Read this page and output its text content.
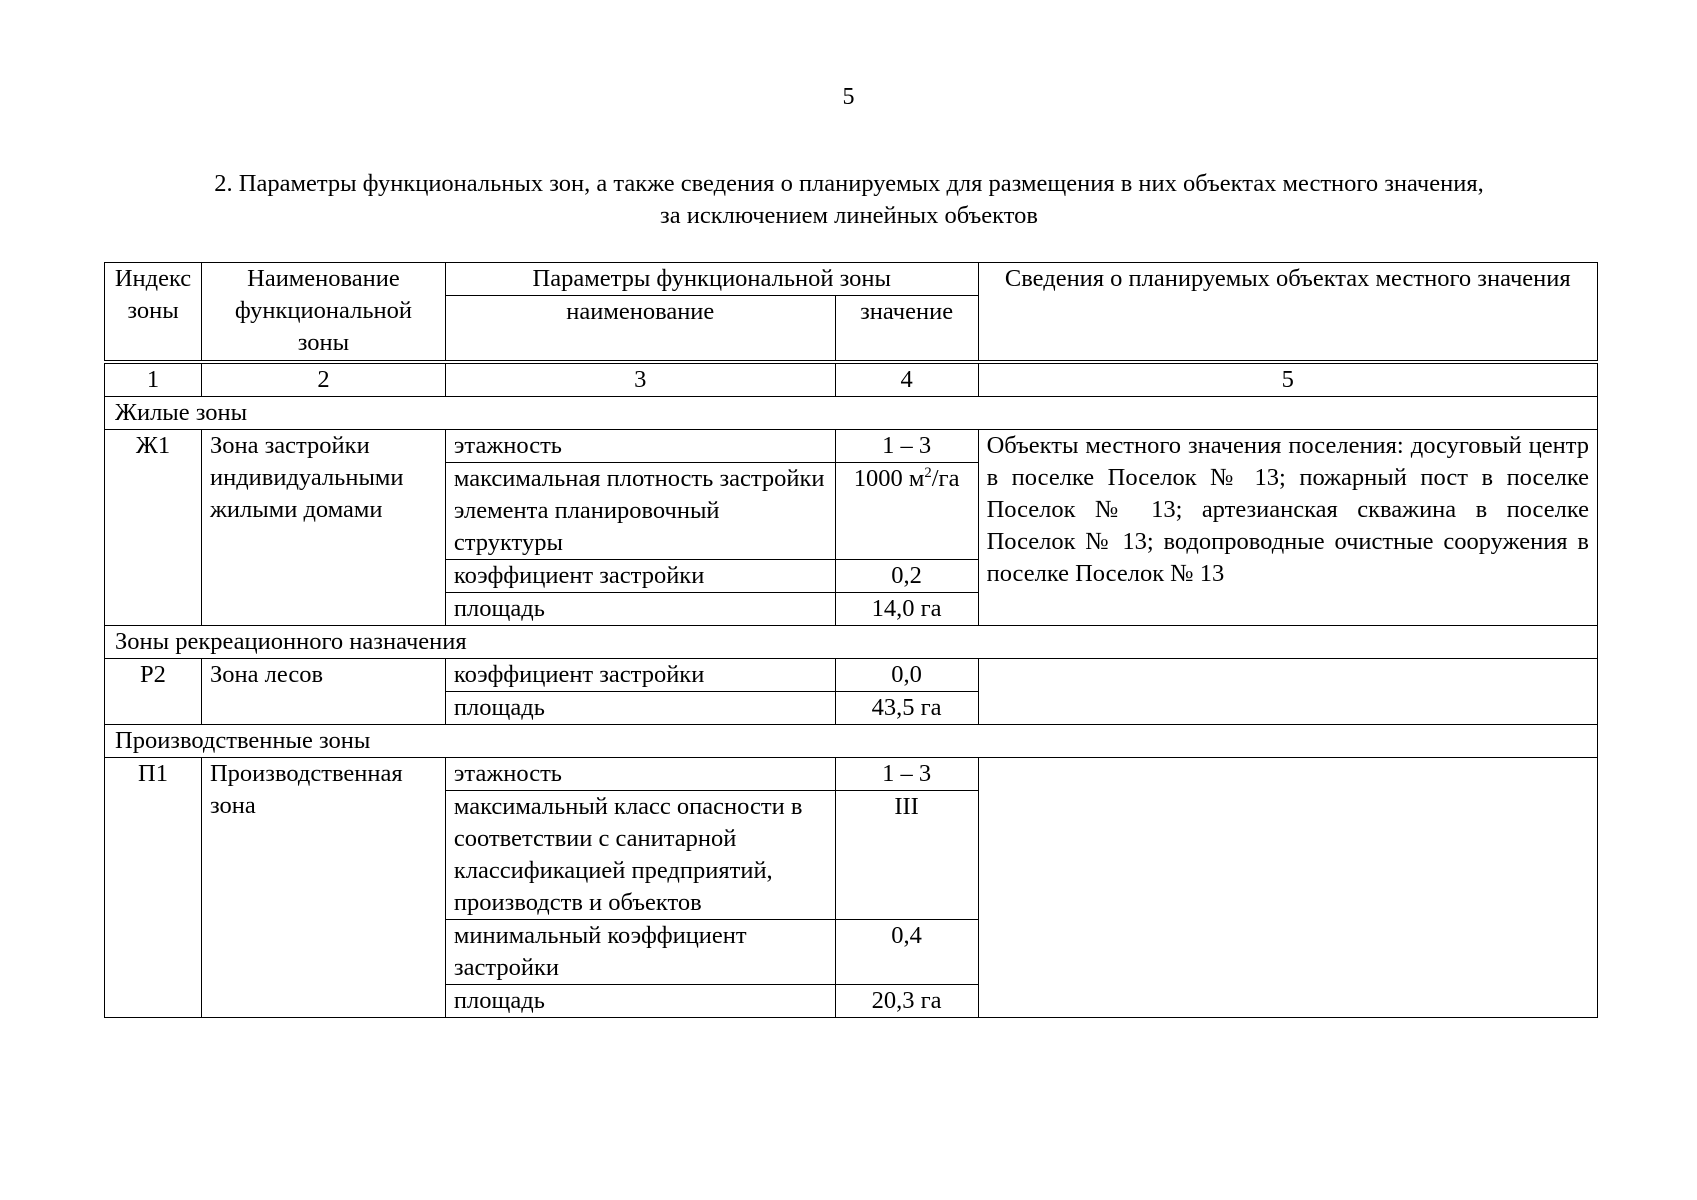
5
2. Параметры функциональных зон, а также сведения о планируемых для размещения в них объектах местного значения,
за исключением линейных объектов
Индекс зоны	Наименование функциональной зоны	Параметры функциональной зоны		Сведения о планируемых объектах местного значения
		наименование	значение	
1	2	3	4	5
Жилые зоны				
Ж1	Зона застройки индивидуальными жилыми домами	этажность	1 – 3	Объекты местного значения поселения: досуговый центр в поселке Поселок № 13; пожарный пост в поселке Поселок № 13; артезианская скважина в поселке Поселок № 13; водопроводные очистные сооружения в поселке Поселок № 13
		максимальная плотность застройки элемента планировочный структуры	1000 $м^2/га$	
		коэффициент застройки	0,2	
		площадь	14,0 га	
Зоны рекреационного назначения				
Р2	Зона лесов	коэффициент застройки	0,0	
		площадь	43,5 га	
Производственные зоны				
П1	Производственная зона	этажность	1 – 3	
		максимальный класс опасности в соответствии с санитарной классификацией предприятий, производств и объектов	III	
		минимальный коэффициент застройки	0,4	
		площадь	20,3 га	
